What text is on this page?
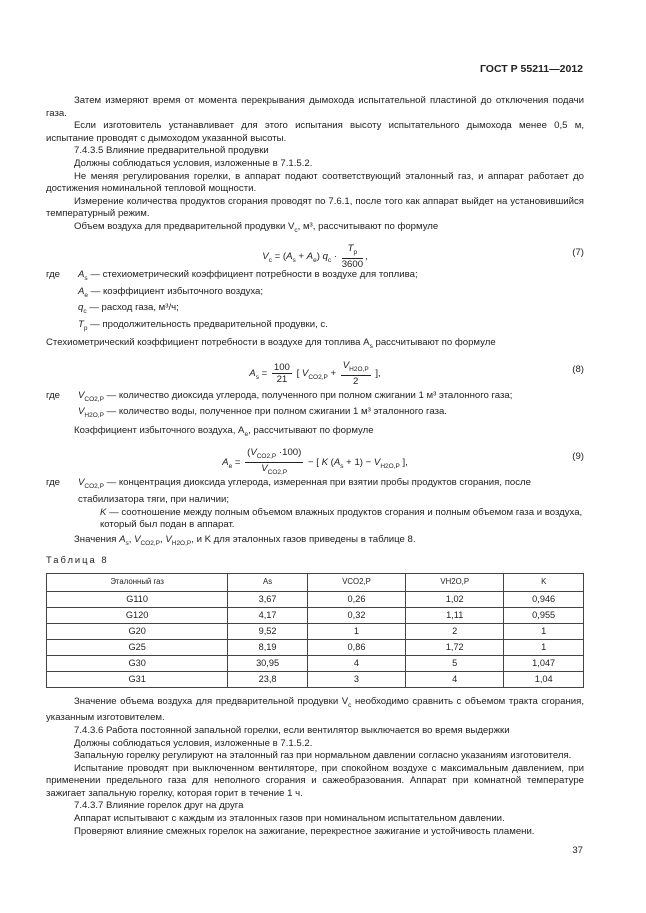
ГОСТ Р 55211—2012

Затем измеряют время от момента перекрывания дымохода испытательной пластиной до отключения подачи газа.

Если изготовитель устанавливает для этого испытания высоту испытательного дымохода менее 0,5 м, испытание проводят с дымоходом указанной высоты.

7.4.3.5 Влияние предварительной продувки

Должны соблюдаться условия, изложенные в 7.1.5.2.

Не меняя регулирования горелки, в аппарат подают соответствующий эталонный газ, и аппарат работает до достижения номинальной тепловой мощности.

Измерение количества продуктов сгорания проводят по 7.6.1, после того как аппарат выйдет на установившийся температурный режим.

Объем воздуха для предварительной продувки $V_c$, м³, рассчитывают по формуле

$V_c = (A_s + A_e) q_c \cdot \frac{T_p}{3600}$ ,	(7)
где	$A_s$ — стехиометрический коэффициент потребности в воздухе для топлива;
$A_e$ — коэффициент избыточного воздуха;
$q_c$ — расход газа, м³/ч;
$T_p$ — продолжительность предварительной продувки, с.

Стехиометрический коэффициент потребности в воздухе для топлива $A_s$ рассчитывают по формуле

$A_s = \frac{100}{21}$ [ $V_{CO2,P} + \frac{V_{H2O,P}}{2}$ ],	(8)
где	$V_{CO2,P}$ — количество диоксида углерода, полученного при полном сжигании 1 м³ эталонного газа;
$V_{H2O,P}$ — количество воды, полученное при полном сжигании 1 м³ эталонного газа.

Коэффициент избыточного воздуха, $A_e$, рассчитывают по формуле

$A_e = \frac{(V_{CO2,P} \cdot 100)}{V_{CO2,P}}$ − [ K $(A_s + 1) - V_{H2O,P}$ ],
(9)
где	$V_{CO2,P}$ — концентрация диоксида углерода, измеренная при взятии пробы продуктов сгорания, после стабилизатора тяги, при наличии;
K — соотношение между полным объемом влажных продуктов сгорания и полным объемом газа и воздуха, который был подан в аппарат.

Значения $A_s$, $V_{CO2,P}$, $V_{H2O,P}$, и K для эталонных газов приведены в таблице 8.

Таблица 8
Эталонный газ	As	VCO2,P	VH2O,P	K
G110	3,67	0,26	1,02	0,946
G120	4,17	0,32	1,11	0,955
G20	9,52	1	2	1
G25	8,19	0,86	1,72	1
G30	30,95	4	5	1,047
G31	23,8	3	4	1,04

Значение объема воздуха для предварительной продувки $V_c$ необходимо сравнить с объемом тракта сгорания, указанным изготовителем.

7.4.3.6 Работа постоянной запальной горелки, если вентилятор выключается во время выдержки

Должны соблюдаться условия, изложенные в 7.1.5.2.

Запальную горелку регулируют на эталонный газ при нормальном давлении согласно указаниям изготовителя.

Испытание проводят при выключенном вентиляторе, при спокойном воздухе с максимальным давлением, при применении предельного газа для неполного сгорания и сажеобразования. Аппарат при комнатной температуре зажигает запальную горелку, которая горит в течение 1 ч.

7.4.3.7 Влияние горелок друг на друга

Аппарат испытывают с каждым из эталонных газов при номинальном испытательном давлении.

Проверяют влияние смежных горелок на зажигание, перекрестное зажигание и устойчивость пламени.

37
